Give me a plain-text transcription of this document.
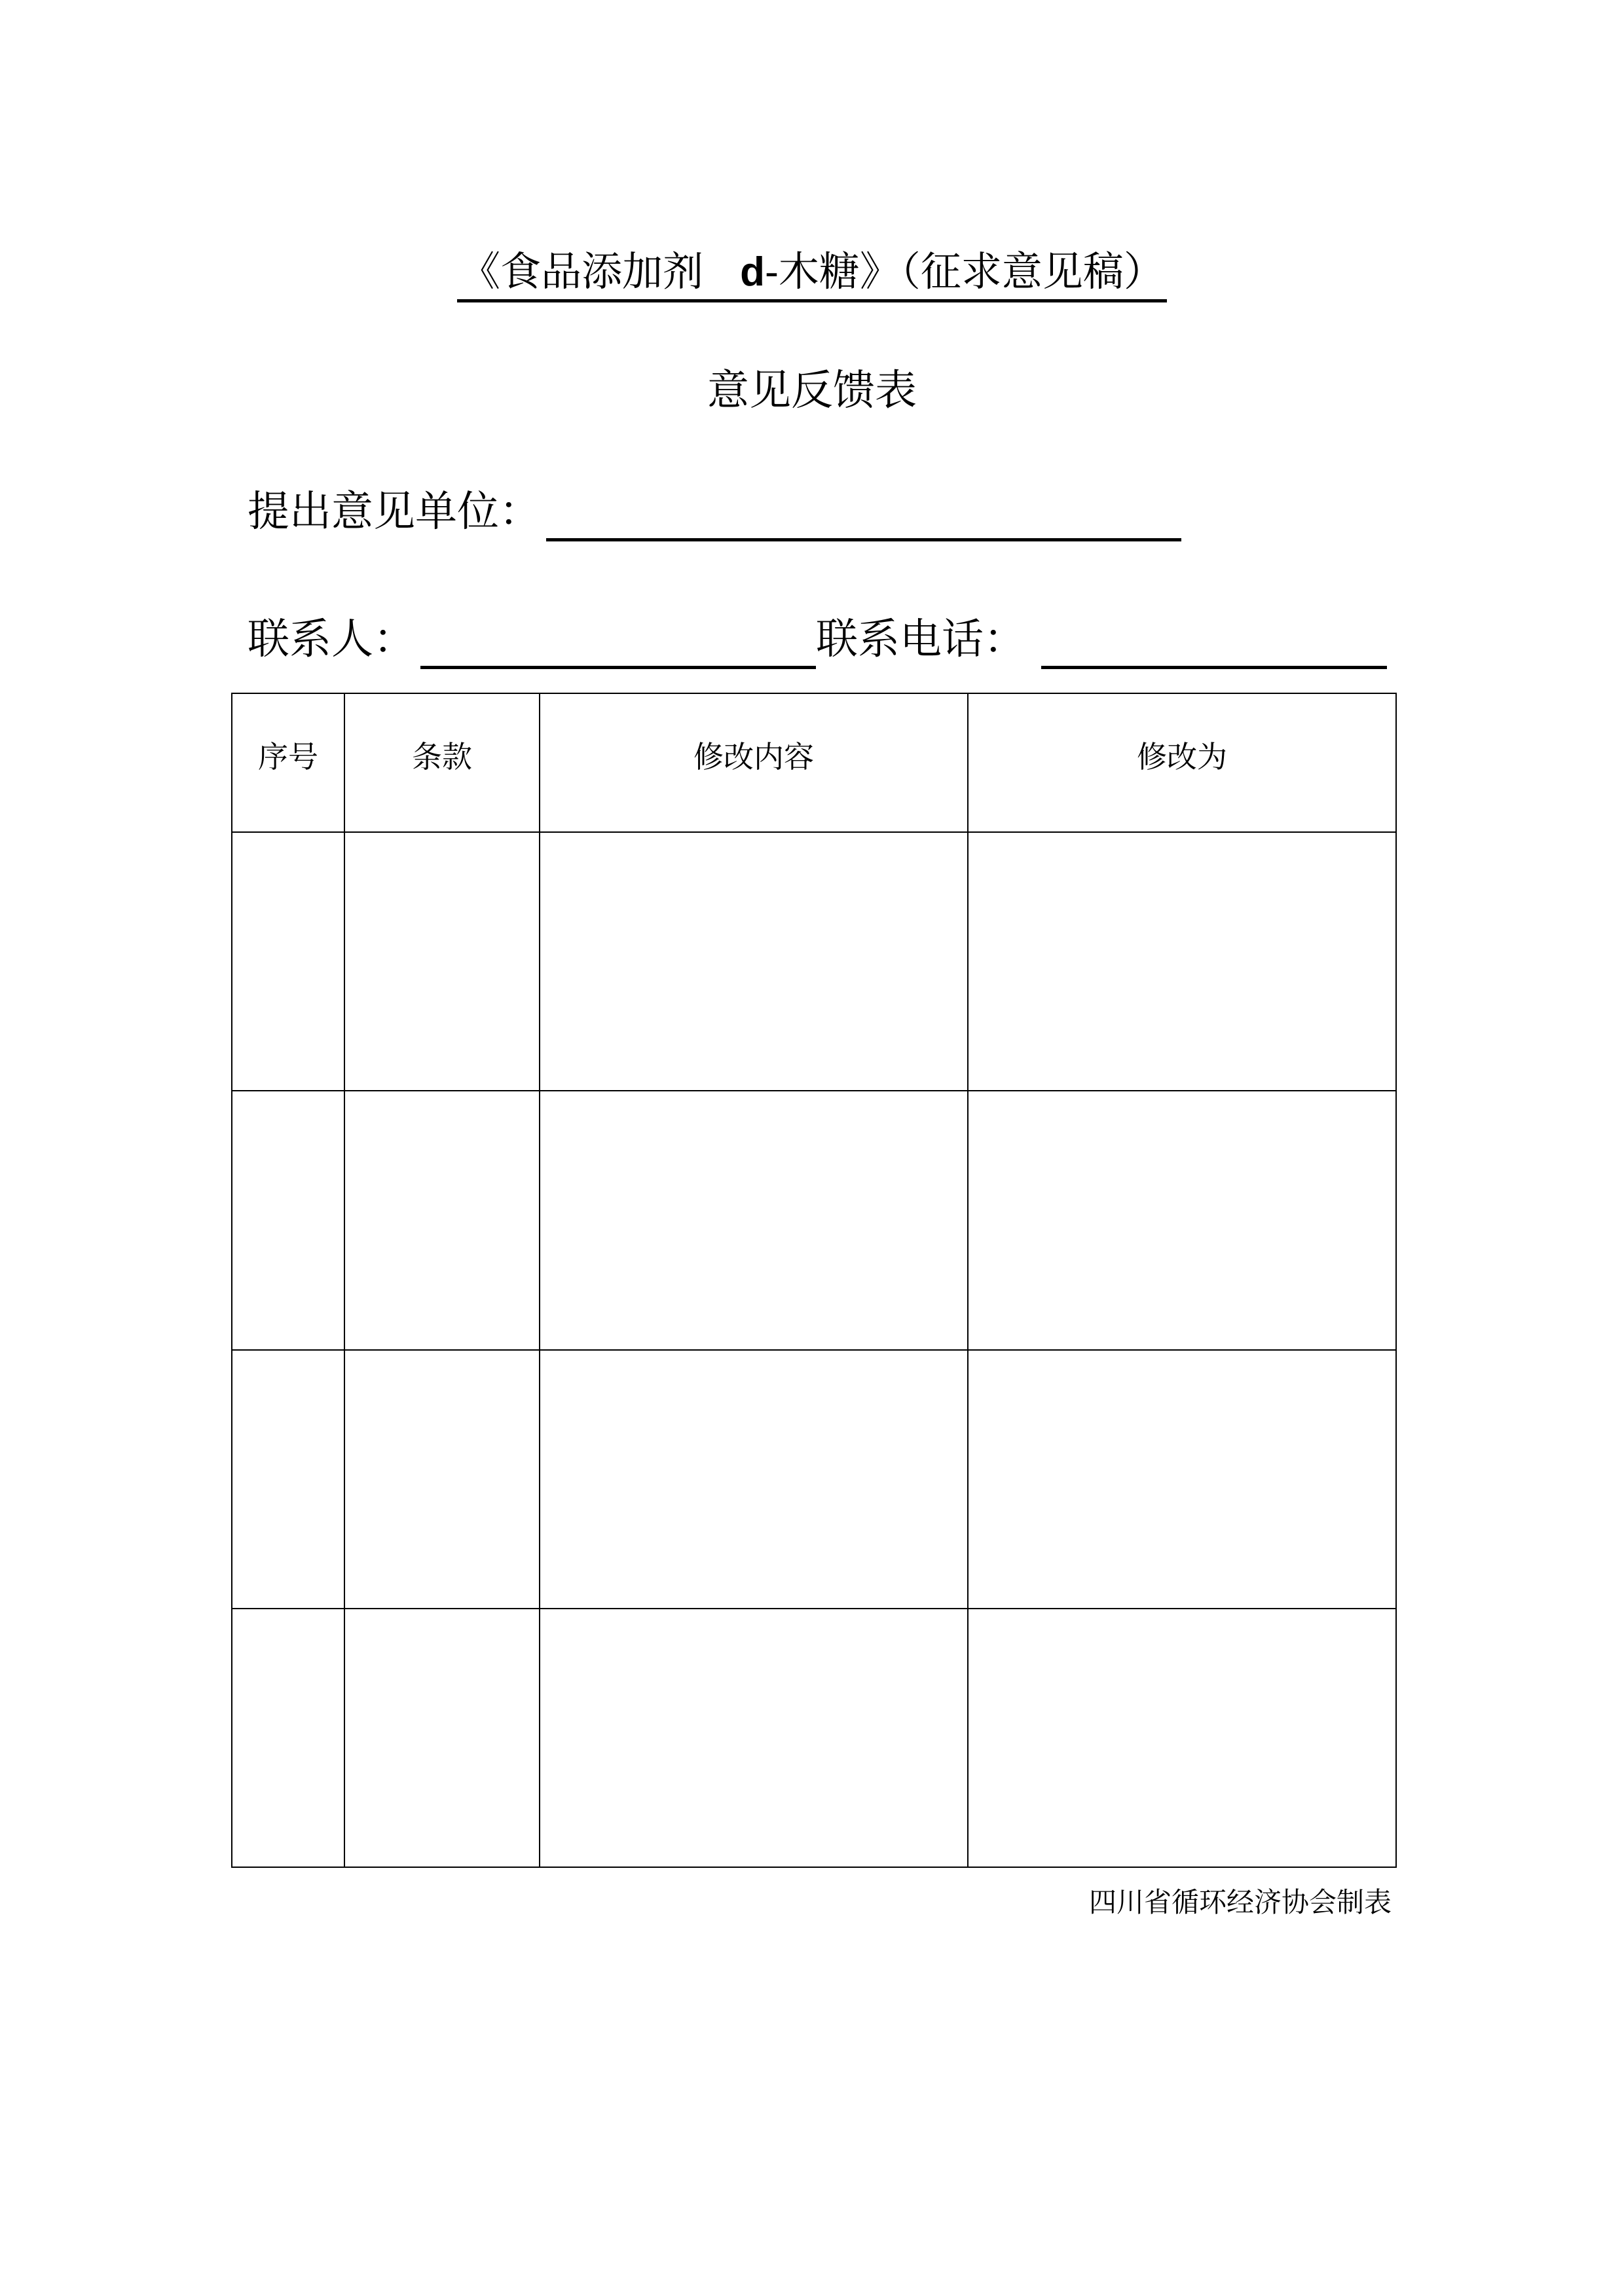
《食品添加剂 d-木糖》（征求意见稿）
意见反馈表
提出意见单位：
联系人：	联系电话：
序号	条款	修改内容	修改为

四川省循环经济协会制表
